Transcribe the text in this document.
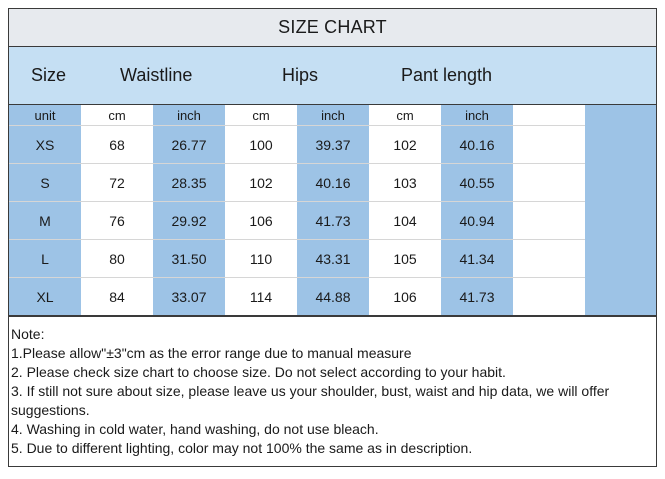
SIZE CHART
Size	Waistline	Hips	Pant length
unit	cm	inch	cm	inch	cm	inch
XS	68	26.77	100	39.37	102	40.16
S	72	28.35	102	40.16	103	40.55
M	76	29.92	106	41.73	104	40.94
L	80	31.50	110	43.31	105	41.34
XL	84	33.07	114	44.88	106	41.73
Note:
1.Please allow"±3"cm as the error range due to manual measure
2. Please check size chart to choose size. Do not select according to your habit.
3. If still not sure about size, please leave us your shoulder, bust, waist and hip data, we will offer suggestions.
4. Washing in cold water, hand washing, do not use bleach.
5. Due to different lighting, color may not 100% the same as in description.
